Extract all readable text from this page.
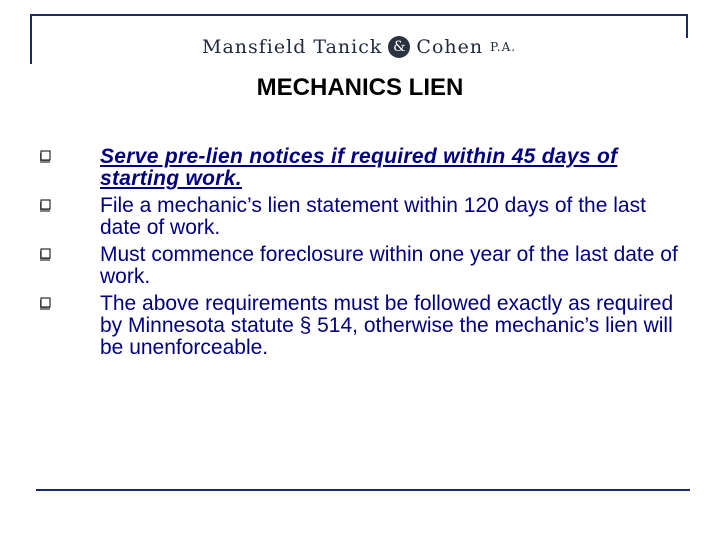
Mansfield Tanick & Cohen P.A.
MECHANICS LIEN
Serve pre-lien notices if required within 45 days of starting work.
File a mechanic’s lien statement within 120 days of the last date of work.
Must commence foreclosure within one year of the last date of work.
The above requirements must be followed exactly as required by Minnesota statute § 514, otherwise the mechanic’s lien will be unenforceable.
